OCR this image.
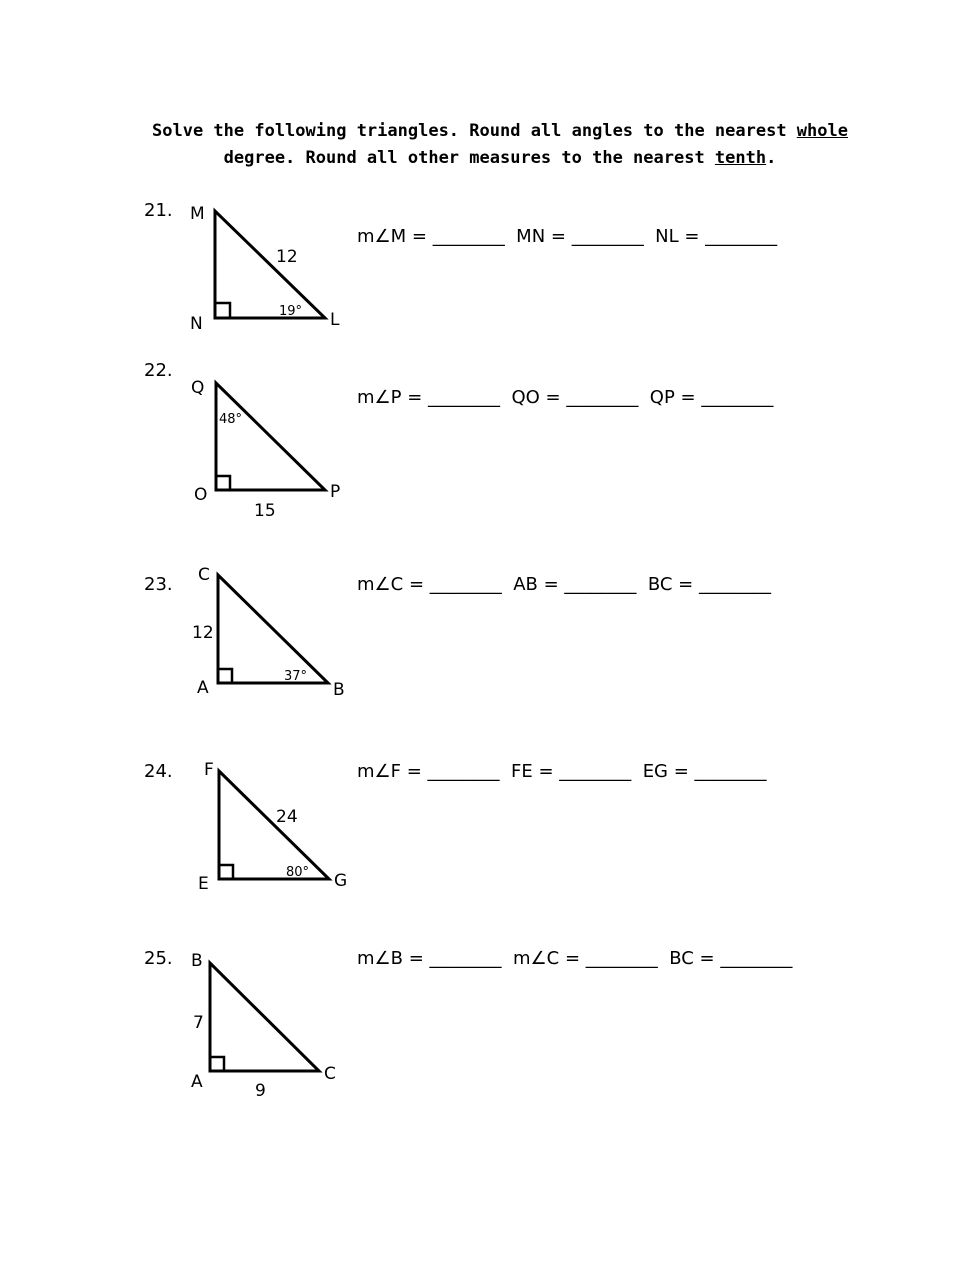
Solve the following triangles. Round all angles to the nearest whole
degree. Round all other measures to the nearest tenth.
21.
22.
23.
24.
25.
m∠M = ________  MN = ________  NL = ________
m∠P = ________  QO = ________  QP = ________
m∠C = ________  AB = ________  BC = ________
m∠F = ________  FE = ________  EG = ________
m∠B = ________  m∠C = ________  BC = ________
M
N	L
12
19°
Q
O	P
48°
15
C
A	B
12
37°
F
E	G
24
80°
B
A	C
7
9
